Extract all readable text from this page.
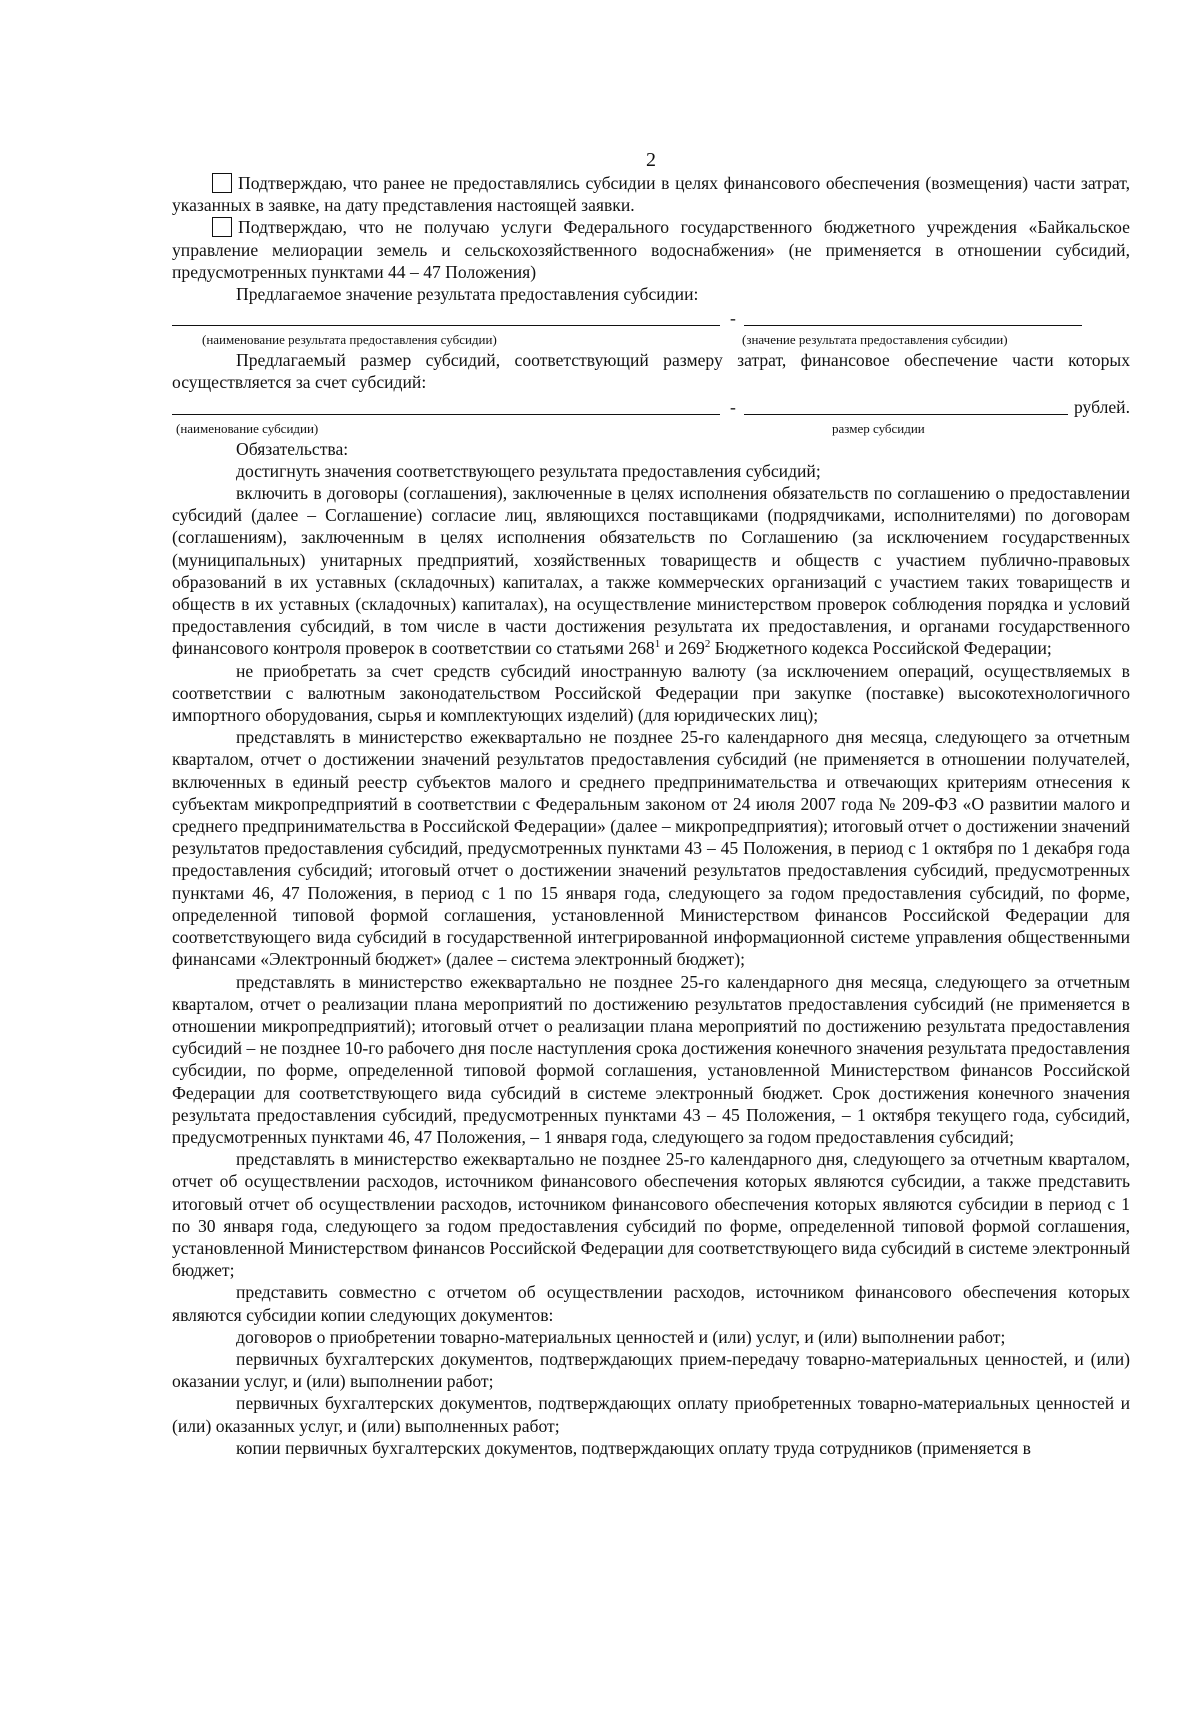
2

Подтверждаю, что ранее не предоставлялись субсидии в целях финансового обеспечения (возмещения) части затрат, указанных в заявке, на дату представления настоящей заявки.

Подтверждаю, что не получаю услуги Федерального государственного бюджетного учреждения «Байкальское управление мелиорации земель и сельскохозяйственного водоснабжения» (не применяется в отношении субсидий, предусмотренных пунктами 44 – 47 Положения)

Предлагаемое значение результата предоставления субсидии:

-
(наименование результата предоставления субсидии)	(значение результата предоставления субсидии)

Предлагаемый размер субсидий, соответствующий размеру затрат, финансовое обеспечение части которых осуществляется за счет субсидий:

-	рублей.
(наименование субсидии)	размер субсидии

Обязательства:

достигнуть значения соответствующего результата предоставления субсидий;

включить в договоры (соглашения), заключенные в целях исполнения обязательств по соглашению о предоставлении субсидий (далее – Соглашение) согласие лиц, являющихся поставщиками (подрядчиками, исполнителями) по договорам (соглашениям), заключенным в целях исполнения обязательств по Соглашению (за исключением государственных (муниципальных) унитарных предприятий, хозяйственных товариществ и обществ с участием публично-правовых образований в их уставных (складочных) капиталах, а также коммерческих организаций с участием таких товариществ и обществ в их уставных (складочных) капиталах), на осуществление министерством проверок соблюдения порядка и условий предоставления субсидий, в том числе в части достижения результата их предоставления, и органами государственного финансового контроля проверок в соответствии со статьями $268^1$ и $269^2$ Бюджетного кодекса Российской Федерации;

не приобретать за счет средств субсидий иностранную валюту (за исключением операций, осуществляемых в соответствии с валютным законодательством Российской Федерации при закупке (поставке) высокотехнологичного импортного оборудования, сырья и комплектующих изделий) (для юридических лиц);

представлять в министерство ежеквартально не позднее 25-го календарного дня месяца, следующего за отчетным кварталом, отчет о достижении значений результатов предоставления субсидий (не применяется в отношении получателей, включенных в единый реестр субъектов малого и среднего предпринимательства и отвечающих критериям отнесения к субъектам микропредприятий в соответствии с Федеральным законом от 24 июля 2007 года № 209-ФЗ «О развитии малого и среднего предпринимательства в Российской Федерации» (далее – микропредприятия); итоговый отчет о достижении значений результатов предоставления субсидий, предусмотренных пунктами 43 – 45 Положения, в период с 1 октября по 1 декабря года предоставления субсидий; итоговый отчет о достижении значений результатов предоставления субсидий, предусмотренных пунктами 46, 47 Положения, в период с 1 по 15 января года, следующего за годом предоставления субсидий, по форме, определенной типовой формой соглашения, установленной Министерством финансов Российской Федерации для соответствующего вида субсидий в государственной интегрированной информационной системе управления общественными финансами «Электронный бюджет» (далее – система электронный бюджет);

представлять в министерство ежеквартально не позднее 25-го календарного дня месяца, следующего за отчетным кварталом, отчет о реализации плана мероприятий по достижению результатов предоставления субсидий (не применяется в отношении микропредприятий); итоговый отчет о реализации плана мероприятий по достижению результата предоставления субсидий – не позднее 10-го рабочего дня после наступления срока достижения конечного значения результата предоставления субсидии, по форме, определенной типовой формой соглашения, установленной Министерством финансов Российской Федерации для соответствующего вида субсидий в системе электронный бюджет. Срок достижения конечного значения результата предоставления субсидий, предусмотренных пунктами 43 – 45 Положения, – 1 октября текущего года, субсидий, предусмотренных пунктами 46, 47 Положения, – 1 января года, следующего за годом предоставления субсидий;

представлять в министерство ежеквартально не позднее 25-го календарного дня, следующего за отчетным кварталом, отчет об осуществлении расходов, источником финансового обеспечения которых являются субсидии, а также представить итоговый отчет об осуществлении расходов, источником финансового обеспечения которых являются субсидии в период с 1 по 30 января года, следующего за годом предоставления субсидий по форме, определенной типовой формой соглашения, установленной Министерством финансов Российской Федерации для соответствующего вида субсидий в системе электронный бюджет;

представить совместно с отчетом об осуществлении расходов, источником финансового обеспечения которых являются субсидии копии следующих документов:

договоров о приобретении товарно-материальных ценностей и (или) услуг, и (или) выполнении работ;

первичных бухгалтерских документов, подтверждающих прием-передачу товарно-материальных ценностей, и (или) оказании услуг, и (или) выполнении работ;

первичных бухгалтерских документов, подтверждающих оплату приобретенных товарно-материальных ценностей и (или) оказанных услуг, и (или) выполненных работ;

копии первичных бухгалтерских документов, подтверждающих оплату труда сотрудников (применяется в
